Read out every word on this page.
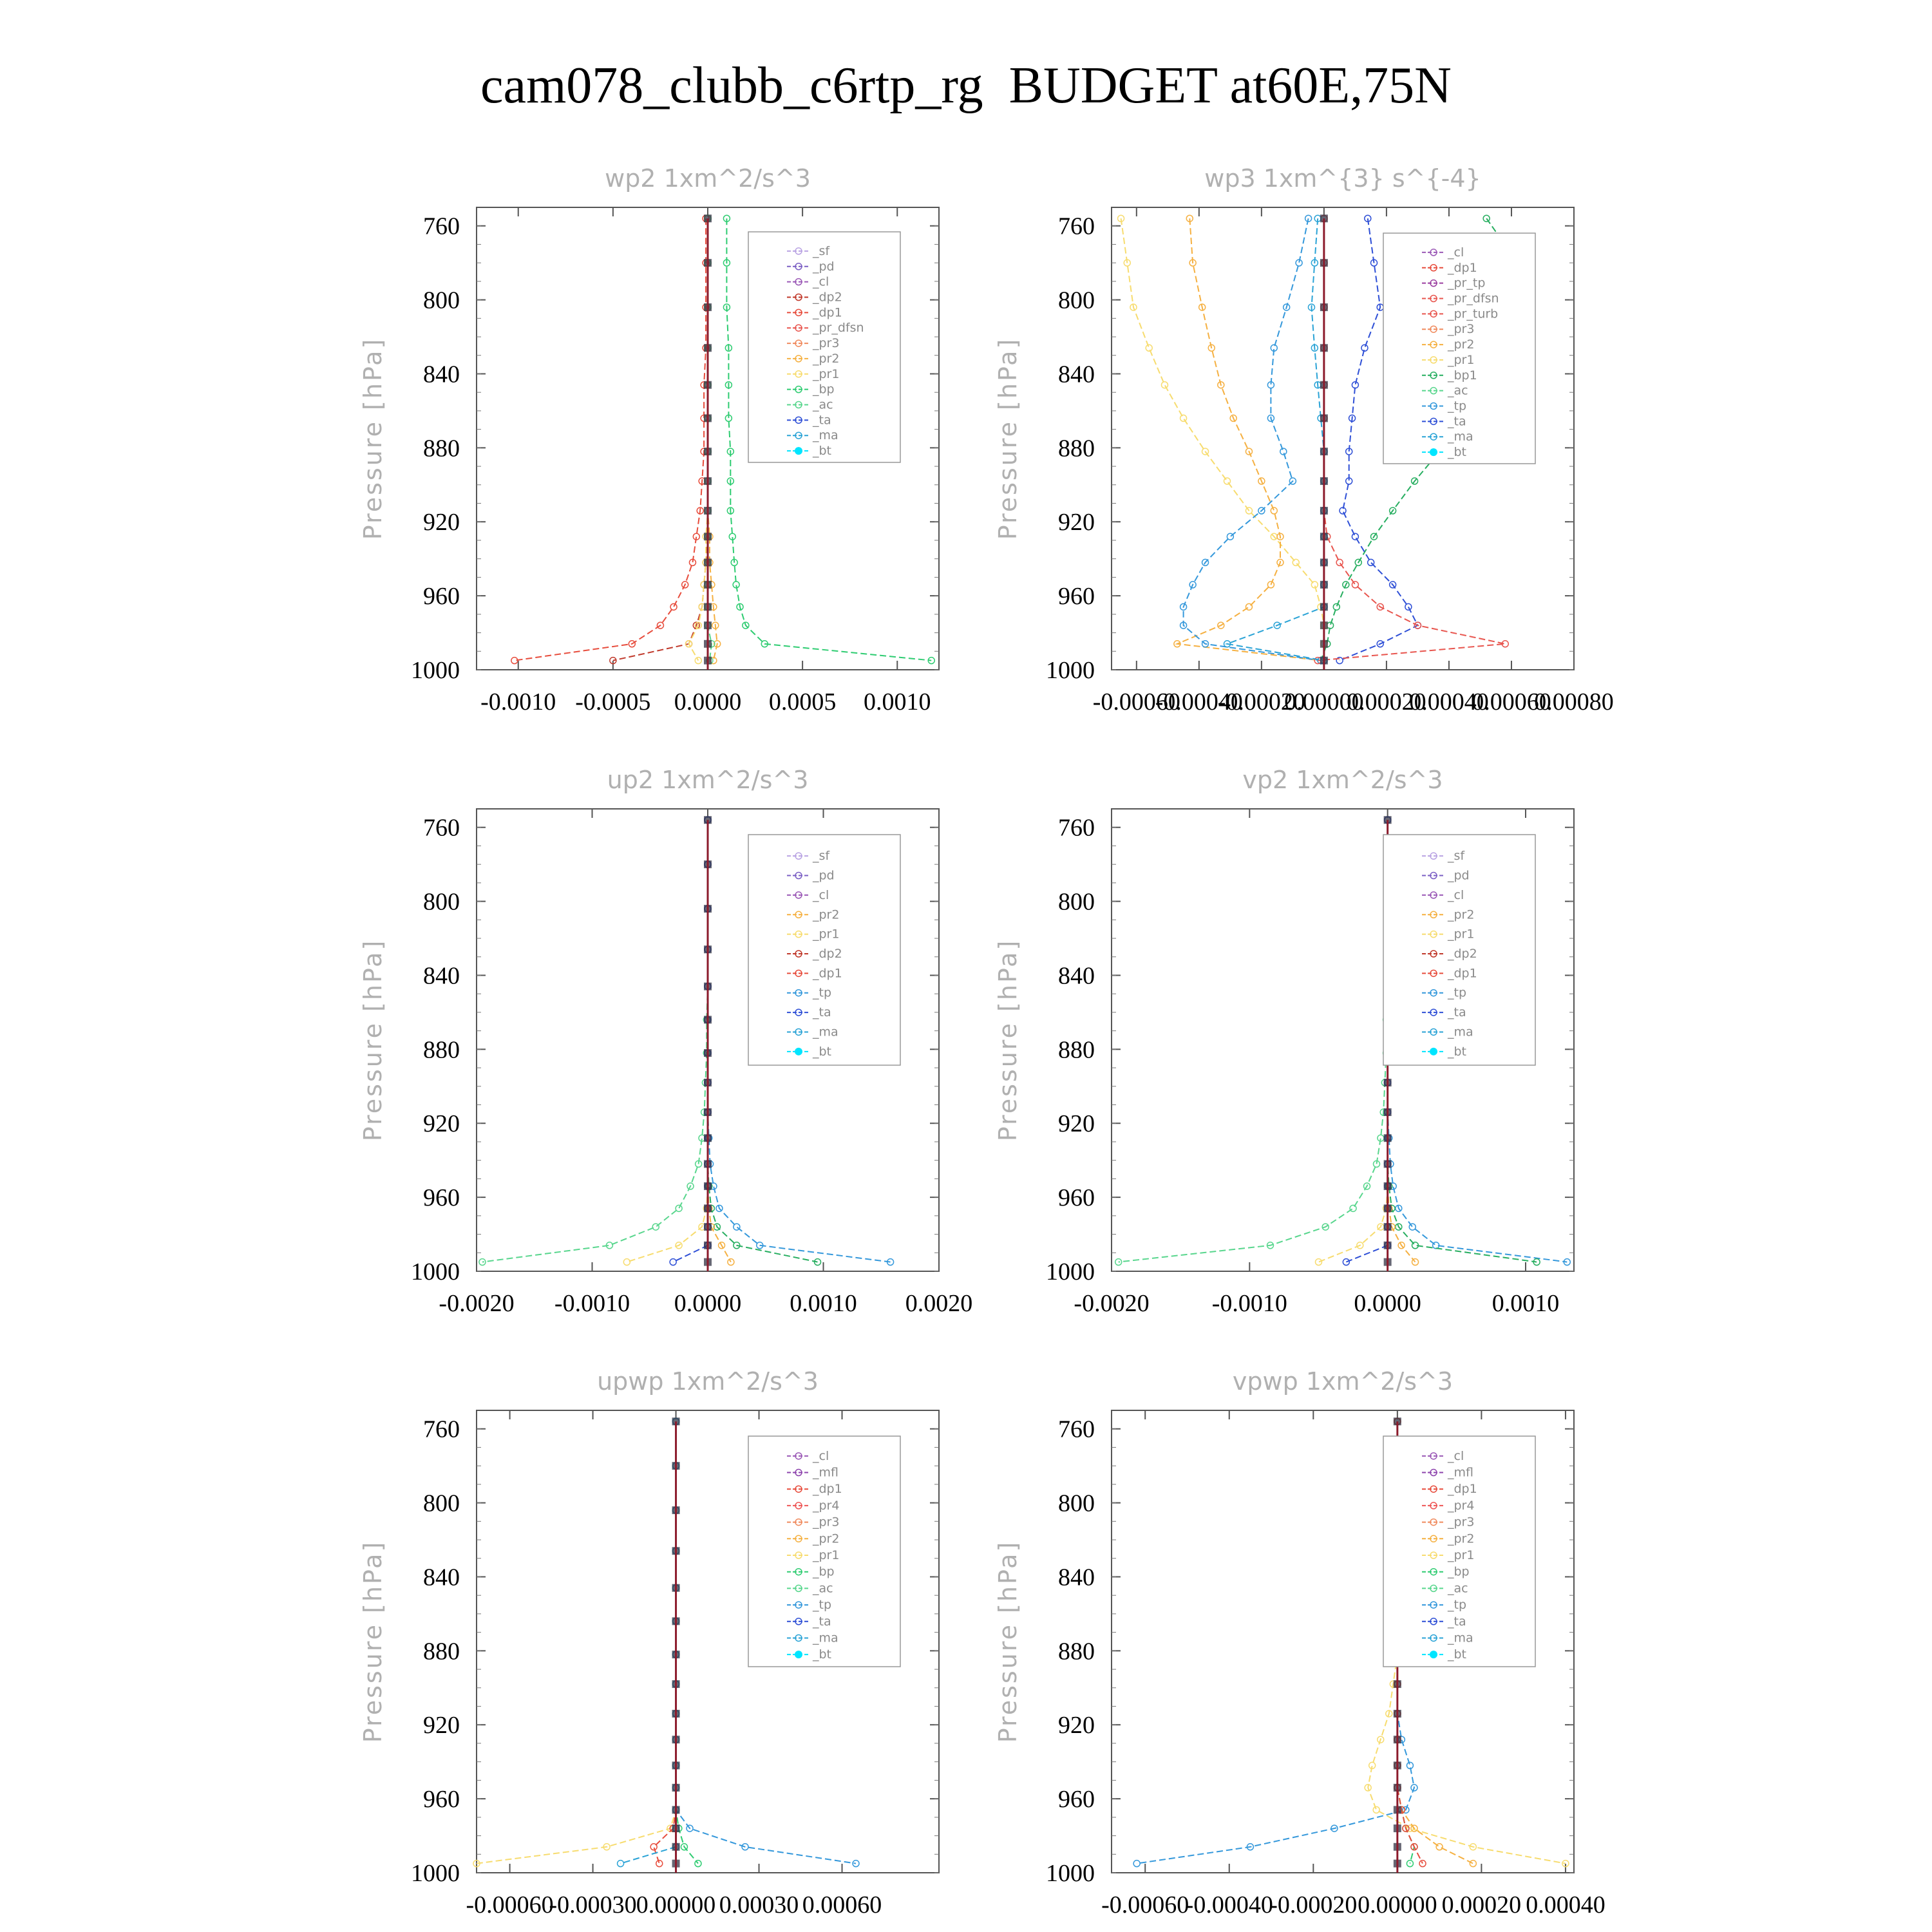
cam078_clubb_c6rtp_rg  BUDGET at60E,75N
wp2 1xm^2/s^3
Pressure [hPa]
760
800
840
880
920
960
1000
-0.0010 -0.0005 0.0000 0.0005 0.0010
_sf
_pd
_cl
_dp2
_dp1
_pr_dfsn
_pr3
_pr2
_pr1
_bp
_ac
_ta
_ma
_bt
wp3 1xm^{3} s^{-4}
Pressure [hPa]
760
800
840
880
920
960
1000
-0.00060
-0.00040
-0.00020
0.00000
0.00020
0.00040
0.00060
0.00080
_cl
_dp1
_pr_tp
_pr_dfsn
_pr_turb
_pr3
_pr2
_pr1
_bp1
_ac
_tp
_ta
_ma
_bt
up2 1xm^2/s^3
Pressure [hPa]
760
800
840
880
920
960
1000
-0.0020 -0.0010 0.0000 0.0010 0.0020
_sf
_pd
_cl
_pr2
_pr1
_dp2
_dp1
_tp
_ta
_ma
_bt
vp2 1xm^2/s^3
Pressure [hPa]
760
800
840
880
920
960
1000
-0.0020	-0.0010	0.0000	0.0010
_sf
_pd
_cl
_pr2
_pr1
_dp2
_dp1
_tp
_ta
_ma
_bt
upwp 1xm^2/s^3
Pressure [hPa]
760
800
840
880
920
960
1000
-0.00060
-0.00030 0.00000 0.00030 0.00060
_cl
_mfl
_dp1
_pr4
_pr3
_pr2
_pr1
_bp
_ac
_tp
_ta
_ma
_bt
vpwp 1xm^2/s^3
Pressure [hPa]
760
800
840
880
920
960
1000
-0.00060
-0.00040
-0.00020 0.00000 0.00020 0.00040
_cl
_mfl
_dp1
_pr4
_pr3
_pr2
_pr1
_bp
_ac
_tp
_ta
_ma
_bt
